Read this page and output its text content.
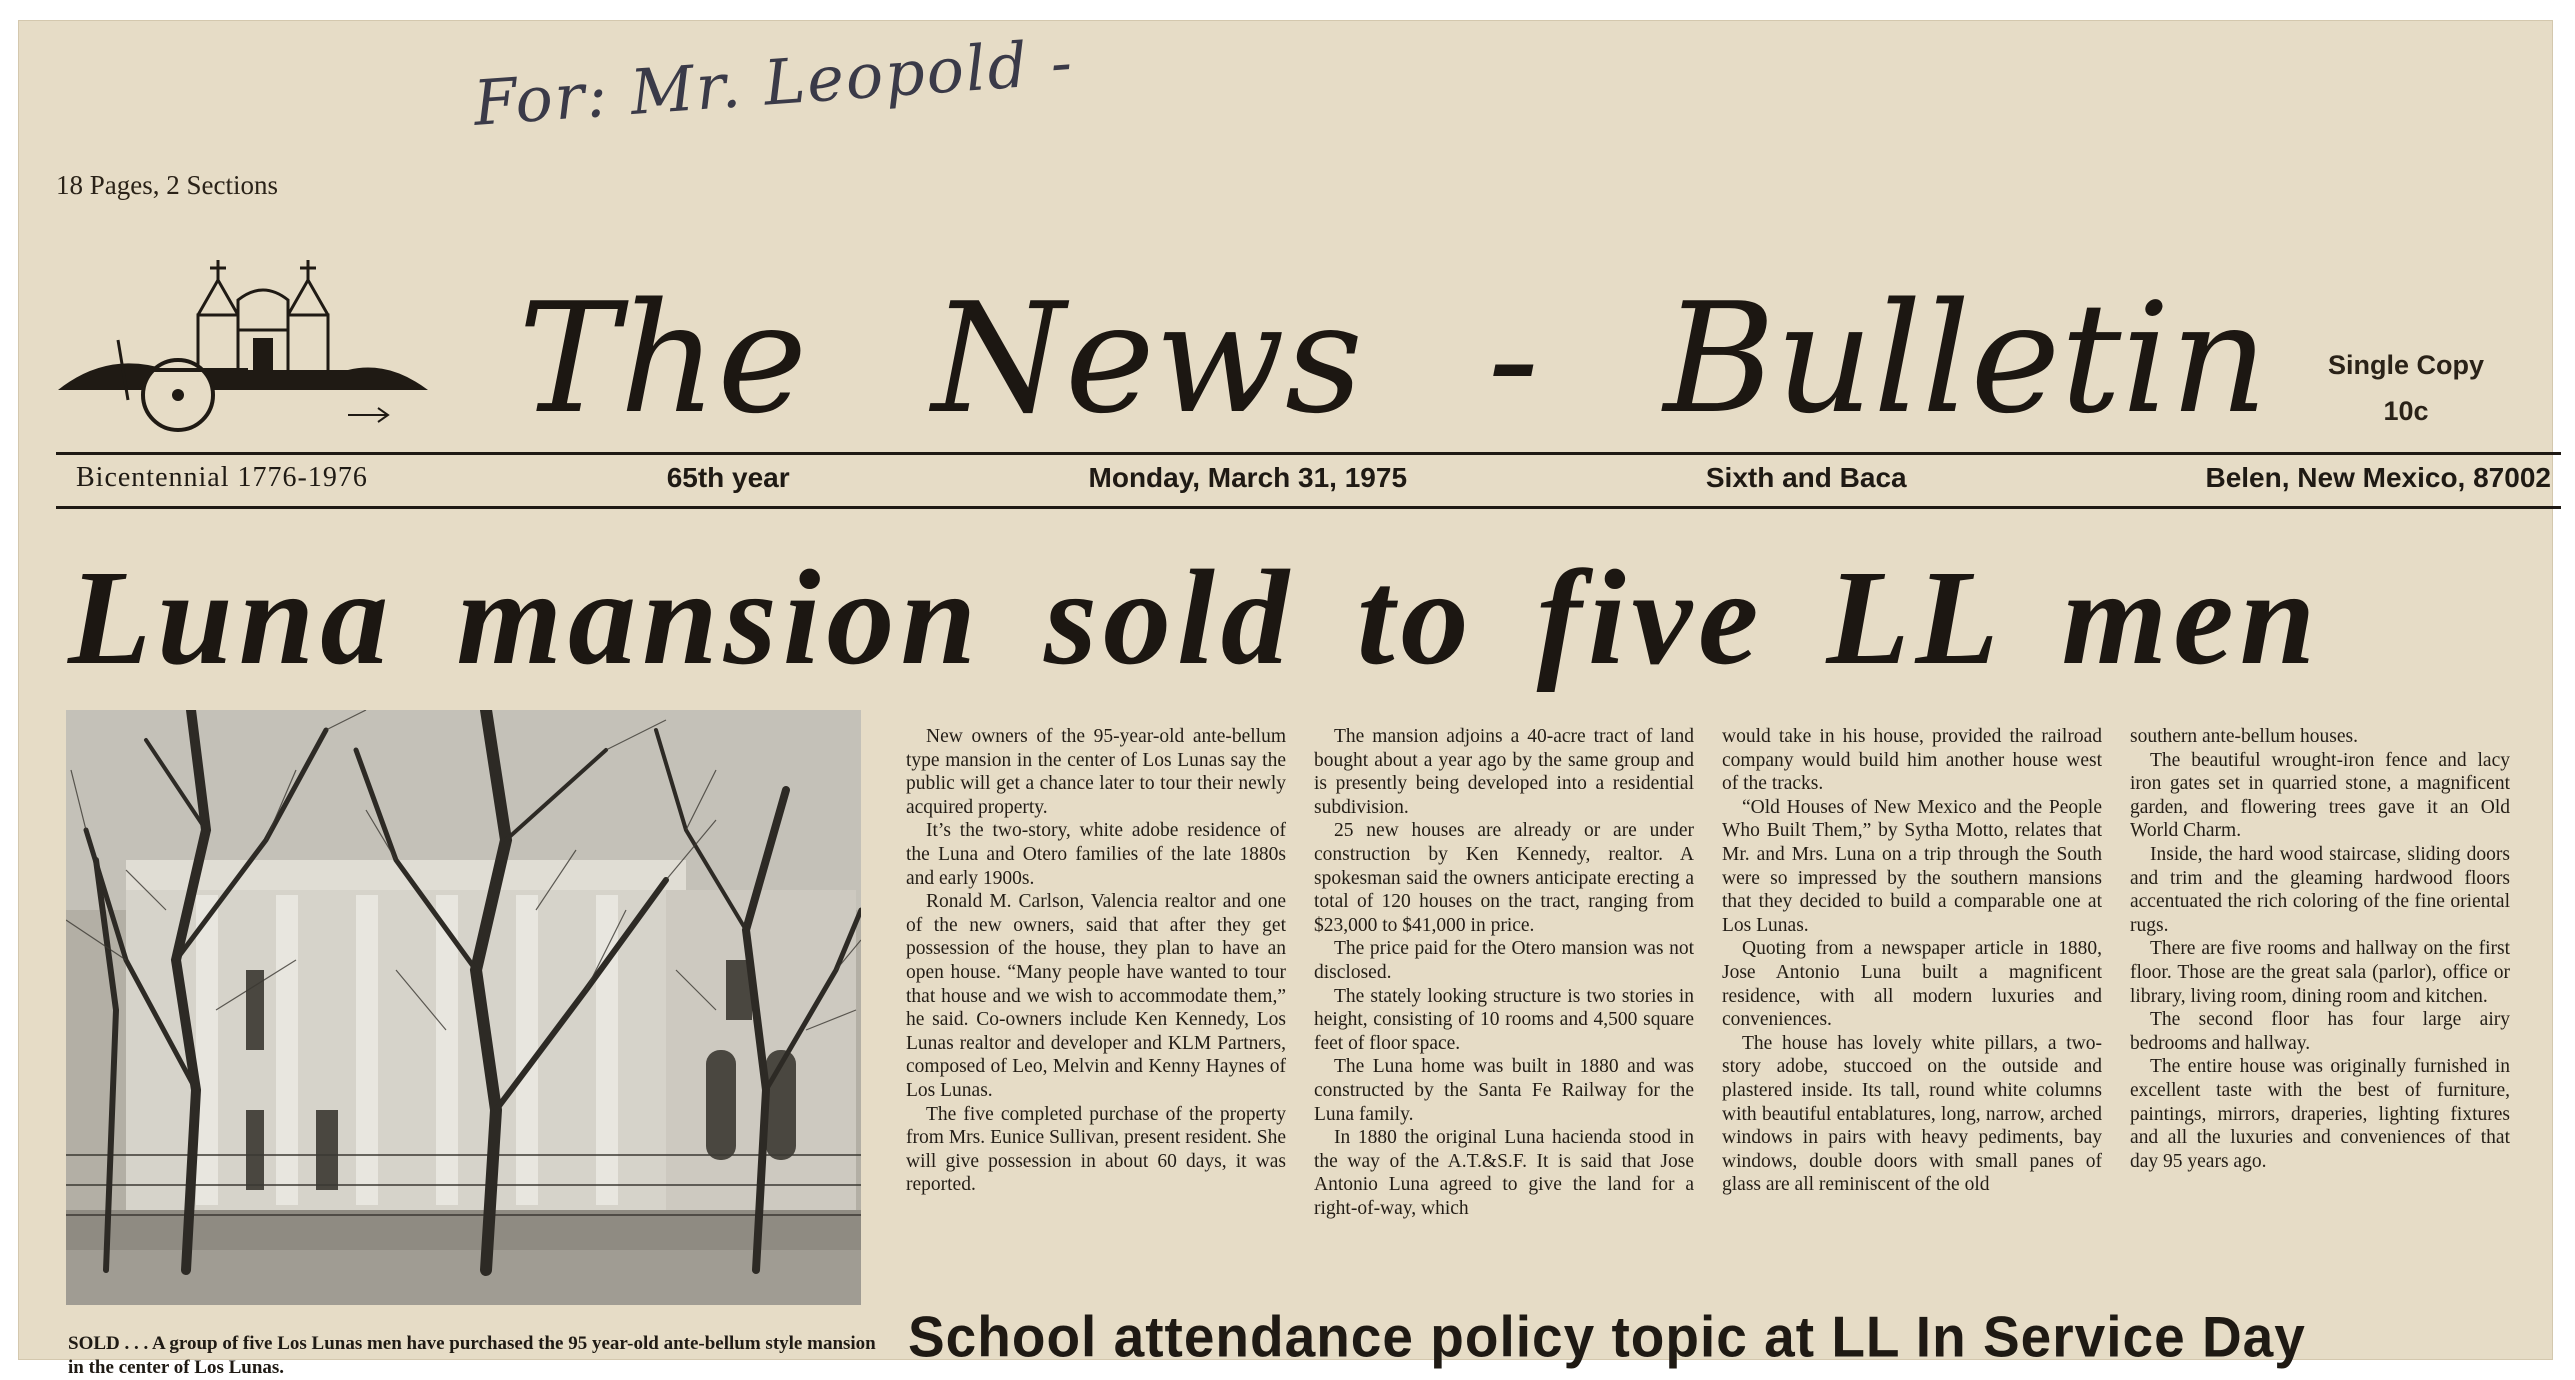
For: Mr. Leopold -
18 Pages, 2 Sections
The News - Bulletin Single Copy
10c
Bicentennial 1776-1976	65th year	Monday, March 31, 1975	Sixth and Baca	Belen, New Mexico, 87002
Luna mansion sold to five LL men
SOLD . . . A group of five Los Lunas men have purchased the 95 year-old ante-bellum style mansion in the center of Los Lunas.

New owners of the 95-year-old ante-bellum type mansion in the center of Los Lunas say the public will get a chance later to tour their newly acquired property.

It’s the two-story, white adobe residence of the Luna and Otero families of the late 1880s and early 1900s.

Ronald M. Carlson, Valencia realtor and one of the new owners, said that after they get possession of the house, they plan to have an open house. “Many people have wanted to tour that house and we wish to accommodate them,” he said. Co-owners include Ken Kennedy, Los Lunas realtor and developer and KLM Partners, composed of Leo, Melvin and Kenny Haynes of Los Lunas.

The five completed purchase of the property from Mrs. Eunice Sullivan, present resident. She will give possession in about 60 days, it was reported.

The mansion adjoins a 40-acre tract of land bought about a year ago by the same group and is presently being developed into a residential subdivision.

25 new houses are already or are under construction by Ken Kennedy, realtor. A spokesman said the owners anticipate erecting a total of 120 houses on the tract, ranging from $23,000 to $41,000 in price.

The price paid for the Otero mansion was not disclosed.

The stately looking structure is two stories in height, consisting of 10 rooms and 4,500 square feet of floor space.

The Luna home was built in 1880 and was constructed by the Santa Fe Railway for the Luna family.

In 1880 the original Luna hacienda stood in the way of the A.T.&S.F. It is said that Jose Antonio Luna agreed to give the land for a right-of-way, which

would take in his house, provided the railroad company would build him another house west of the tracks.

“Old Houses of New Mexico and the People Who Built Them,” by Sytha Motto, relates that Mr. and Mrs. Luna on a trip through the South were so impressed by the southern mansions that they decided to build a comparable one at Los Lunas.

Quoting from a newspaper article in 1880, Jose Antonio Luna built a magnificent residence, with all modern luxuries and conveniences.

The house has lovely white pillars, a two-story adobe, stuccoed on the outside and plastered inside. Its tall, round white columns with beautiful entablatures, long, narrow, arched windows in pairs with heavy pediments, bay windows, double doors with small panes of glass are all reminiscent of the old

southern ante-bellum houses.

The beautiful wrought-iron fence and lacy iron gates set in quarried stone, a magnificent garden, and flowering trees gave it an Old World Charm.

Inside, the hard wood staircase, sliding doors and trim and the gleaming hardwood floors accentuated the rich coloring of the fine oriental rugs.

There are five rooms and hallway on the first floor. Those are the great sala (parlor), office or library, living room, dining room and kitchen.

The second floor has four large airy bedrooms and hallway.

The entire house was originally furnished in excellent taste with the best of furniture, paintings, mirrors, draperies, lighting fixtures and all the luxuries and conveniences of that day 95 years ago.

School attendance policy topic at LL In Service Day
